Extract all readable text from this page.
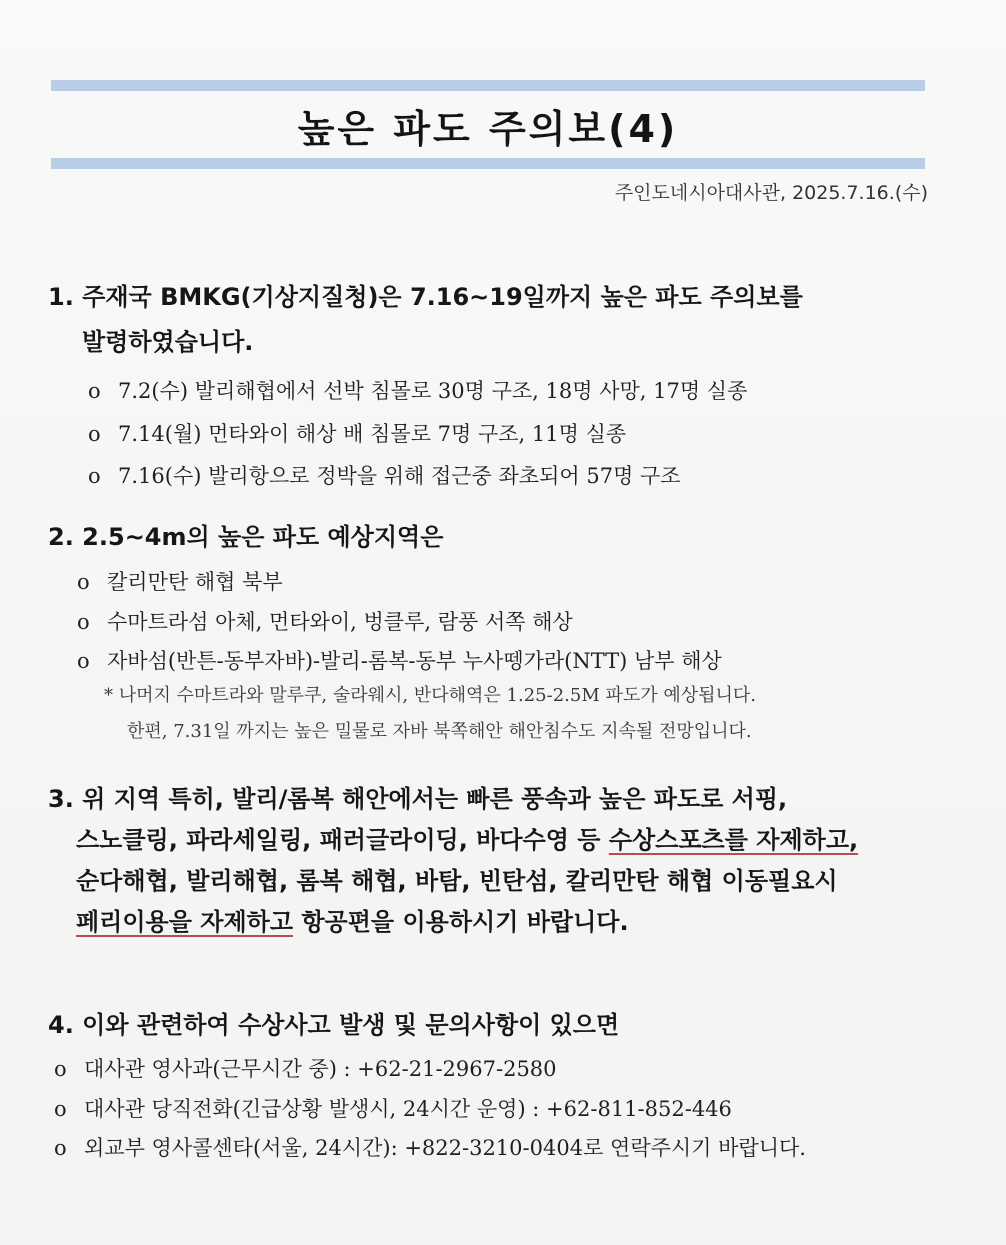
높은 파도 주의보(4)
주인도네시아대사관, 2025.7.16.(수)
1. 주재국 BMKG(기상지질청)은 7.16~19일까지 높은 파도 주의보를
발령하였습니다.
o 7.2(수) 발리해협에서 선박 침몰로 30명 구조, 18명 사망, 17명 실종
o 7.14(월) 먼타와이 해상 배 침몰로 7명 구조, 11명 실종
o 7.16(수) 발리항으로 정박을 위해 접근중 좌초되어 57명 구조
2. 2.5~4m의 높은 파도 예상지역은
o 칼리만탄 해협 북부
o 수마트라섬 아체, 먼타와이, 벙클루, 람풍 서쪽 해상
o 자바섬(반튼-동부자바)-발리-롬복-동부 누사뗑가라(NTT) 남부 해상
* 나머지 수마트라와 말루쿠, 술라웨시, 반다해역은 1.25-2.5M 파도가 예상됩니다.
한편, 7.31일 까지는 높은 밀물로 자바 북쪽해안 해안침수도 지속될 전망입니다.
3. 위 지역 특히, 발리/롬복 해안에서는 빠른 풍속과 높은 파도로 서핑,
스노클링, 파라세일링, 패러글라이딩, 바다수영 등 수상스포츠를 자제하고,
순다해협, 발리해협, 롬복 해협, 바탐, 빈탄섬, 칼리만탄 해협 이동필요시
페리이용을 자제하고 항공편을 이용하시기 바랍니다.
4. 이와 관련하여 수상사고 발생 및 문의사항이 있으면
o 대사관 영사과(근무시간 중) : +62-21-2967-2580
o 대사관 당직전화(긴급상황 발생시, 24시간 운영) : +62-811-852-446
o 외교부 영사콜센타(서울, 24시간): +822-3210-0404로 연락주시기 바랍니다.
